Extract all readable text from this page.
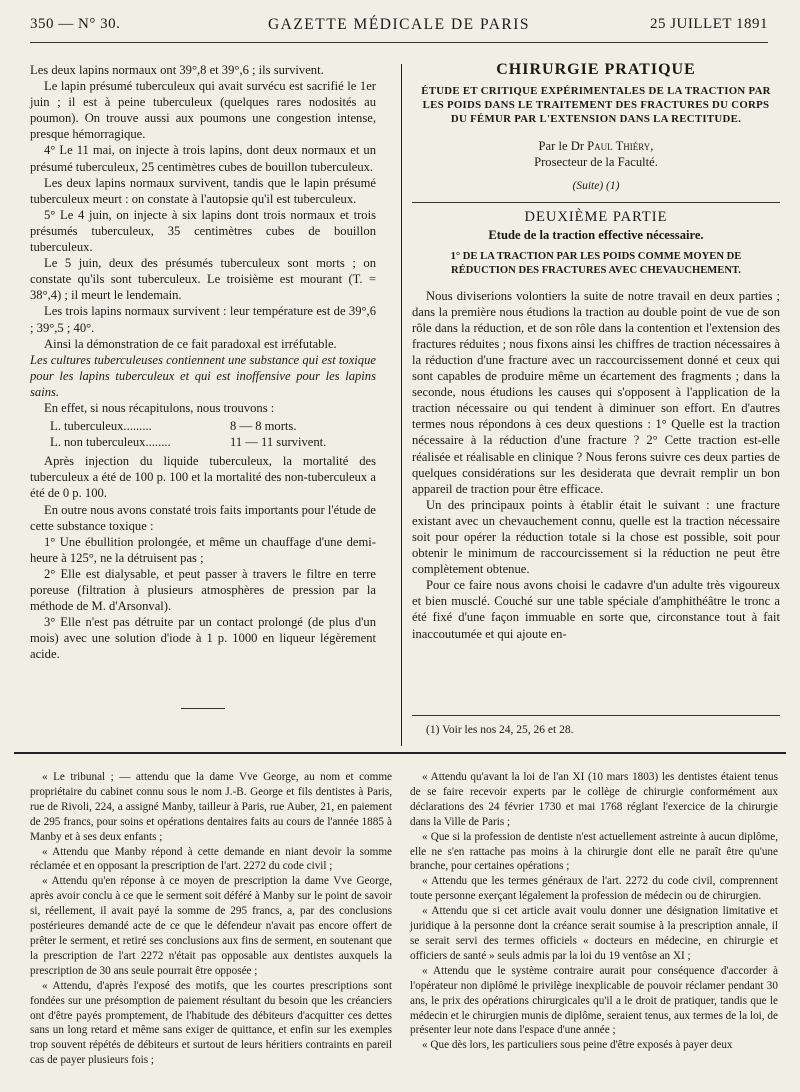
350 — N° 30.	GAZETTE MÉDICALE DE PARIS	25 JUILLET 1891

Les deux lapins normaux ont 39°,8 et 39°,6 ; ils survivent.

Le lapin présumé tuberculeux qui avait survécu est sacrifié le 1er juin ; il est à peine tuberculeux (quelques rares nodosités au poumon). On trouve aussi aux poumons une congestion intense, presque hémorragique.

4° Le 11 mai, on injecte à trois lapins, dont deux normaux et un présumé tuberculeux, 25 centimètres cubes de bouillon tuberculeux.

Les deux lapins normaux survivent, tandis que le lapin présumé tuberculeux meurt : on constate à l'autopsie qu'il est tuberculeux.

5° Le 4 juin, on injecte à six lapins dont trois normaux et trois présumés tuberculeux, 35 centimètres cubes de bouillon tuberculeux.

Le 5 juin, deux des présumés tuberculeux sont morts ; on constate qu'ils sont tuberculeux. Le troisième est mourant (T. = 38°,4) ; il meurt le lendemain.

Les trois lapins normaux survivent : leur température est de 39°,6 ; 39°,5 ; 40°.

Ainsi la démonstration de ce fait paradoxal est irréfutable.

Les cultures tuberculeuses contiennent une substance qui est toxique pour les lapins tuberculeux et qui est inoffensive pour les lapins sains.

En effet, si nous récapitulons, nous trouvons :

L. tuberculeux.........	8 — 8 morts.
L. non tuberculeux........	11 — 11 survivent.

Après injection du liquide tuberculeux, la mortalité des tuberculeux a été de 100 p. 100 et la mortalité des non-tuberculeux a été de 0 p. 100.

En outre nous avons constaté trois faits importants pour l'étude de cette substance toxique :

1° Une ébullition prolongée, et même un chauffage d'une demi-heure à 125°, ne la détruisent pas ;

2° Elle est dialysable, et peut passer à travers le filtre en terre poreuse (filtration à plusieurs atmosphères de pression par la méthode de M. d'Arsonval).

3° Elle n'est pas détruite par un contact prolongé (de plus d'un mois) avec une solution d'iode à 1 p. 1000 en liqueur légèrement acide.

CHIRURGIE PRATIQUE
ÉTUDE ET CRITIQUE EXPÉRIMENTALES DE LA TRACTION PAR LES POIDS DANS LE TRAITEMENT DES FRACTURES DU CORPS DU FÉMUR PAR L'EXTENSION DANS LA RECTITUDE.

Par le Dr Paul Thiéry,

Prosecteur de la Faculté.

(Suite) (1)
DEUXIÈME PARTIE
Etude de la traction effective nécessaire.
1° DE LA TRACTION PAR LES POIDS COMME MOYEN DE RÉDUCTION DES FRACTURES AVEC CHEVAUCHEMENT.

Nous diviserions volontiers la suite de notre travail en deux parties ; dans la première nous étudions la traction au double point de vue de son rôle dans la réduction, et de son rôle dans la contention et l'extension des fractures réduites ; nous fixons ainsi les chiffres de traction nécessaires à la réduction d'une fracture avec un raccourcissement donné et ceux qui sont capables de produire même un écartement des fragments ; dans la seconde, nous étudions les causes qui s'opposent à l'application de la traction nécessaire ou qui tendent à diminuer son effort. En d'autres termes nous répondons à ces deux questions : 1° Quelle est la traction nécessaire à la réduction d'une fracture ? 2° Cette traction est-elle réalisée et réalisable en clinique ? Nous ferons suivre ces deux parties de quelques considérations sur les desiderata que devrait remplir un bon appareil de traction pour être efficace.

Un des principaux points à établir était le suivant : une fracture existant avec un chevauchement connu, quelle est la traction nécessaire soit pour opérer la réduction totale si la chose est possible, soit pour obtenir le minimum de raccourcissement si la réduction ne peut être complètement obtenue.

Pour ce faire nous avons choisi le cadavre d'un adulte très vigoureux et bien musclé. Couché sur une table spéciale d'amphithéâtre le tronc a été fixé d'une façon immuable en sorte que, circonstance tout à fait inaccoutumée et qui ajoute en-

(1) Voir les nos 24, 25, 26 et 28.

« Le tribunal ; — attendu que la dame Vve George, au nom et comme propriétaire du cabinet connu sous le nom J.-B. George et fils dentistes à Paris, rue de Rivoli, 224, a assigné Manby, tailleur à Paris, rue Auber, 21, en paiement de 295 francs, pour soins et opérations dentaires faits au cours de l'année 1885 à Manby et à ses deux enfants ;

« Attendu que Manby répond à cette demande en niant devoir la somme réclamée et en opposant la prescription de l'art. 2272 du code civil ;

« Attendu qu'en réponse à ce moyen de prescription la dame Vve George, après avoir conclu à ce que le serment soit déféré à Manby sur le point de savoir si, réellement, il avait payé la somme de 295 francs, a, par des conclusions postérieures demandé acte de ce que le défendeur n'avait pas encore offert de prêter le serment, et retiré ses conclusions aux fins de serment, en soutenant que la prescription de l'art 2272 n'était pas opposable aux dentistes auxquels la prescription de 30 ans seule pourrait être opposée ;

« Attendu, d'après l'exposé des motifs, que les courtes prescriptions sont fondées sur une présomption de paiement résultant du besoin que les créanciers ont d'être payés promptement, de l'habitude des débiteurs d'acquitter ces dettes sans un long retard et même sans exiger de quittance, et enfin sur les exemples trop souvent répétés de débiteurs et surtout de leurs héritiers contraints en pareil cas de payer plusieurs fois ;

« Attendu qu'avant la loi de l'an XI (10 mars 1803) les dentistes étaient tenus de se faire recevoir experts par le collège de chirurgie conformément aux déclarations des 24 février 1730 et mai 1768 réglant l'exercice de la chirurgie dans la Ville de Paris ;

« Que si la profession de dentiste n'est actuellement astreinte à aucun diplôme, elle ne s'en rattache pas moins à la chirurgie dont elle ne paraît être qu'une branche, pour certaines opérations ;

« Attendu que les termes généraux de l'art. 2272 du code civil, comprennent toute personne exerçant légalement la profession de médecin ou de chirurgien.

« Attendu que si cet article avait voulu donner une désignation limitative et juridique à la personne dont la créance serait soumise à la prescription annale, il se serait servi des termes officiels « docteurs en médecine, en chirurgie et officiers de santé » seuls admis par la loi du 19 ventôse an XI ;

« Attendu que le système contraire aurait pour conséquence d'accorder à l'opérateur non diplômé le privilège inexplicable de pouvoir réclamer pendant 30 ans, le prix des opérations chirurgicales qu'il a le droit de pratiquer, tandis que le médecin et le chirurgien munis de diplôme, seraient tenus, aux termes de la loi, de présenter leur note dans l'espace d'une année ;

« Que dès lors, les particuliers sous peine d'être exposés à payer deux
